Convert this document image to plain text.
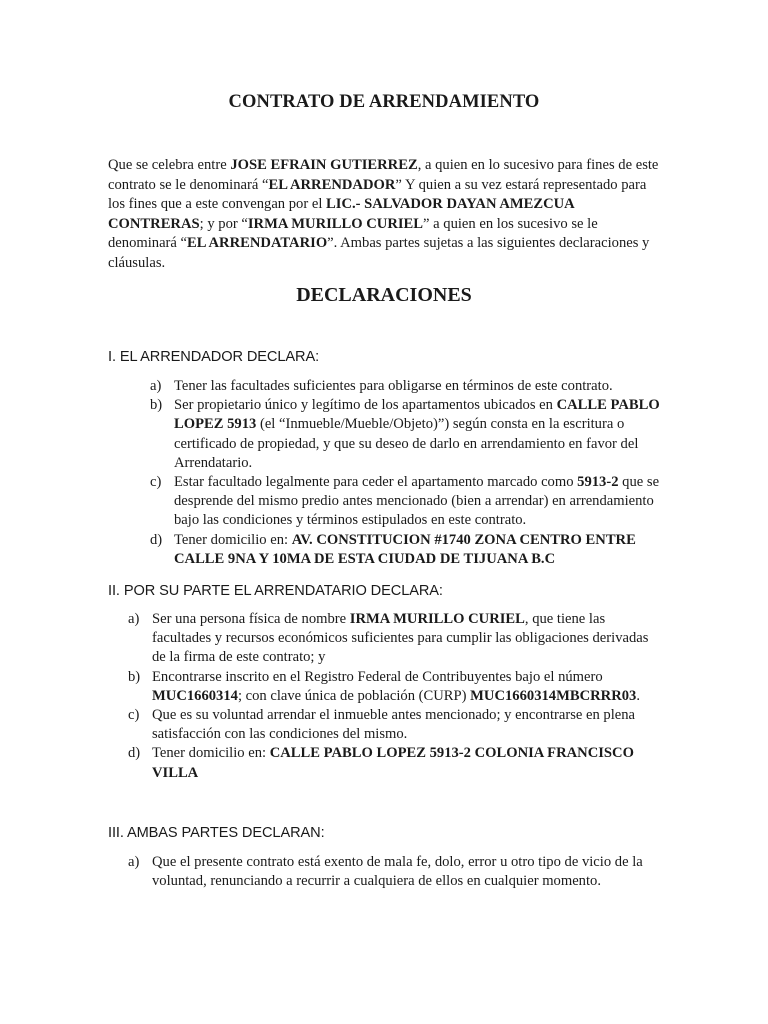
CONTRATO DE ARRENDAMIENTO
Que se celebra entre JOSE EFRAIN GUTIERREZ, a quien en lo sucesivo para fines de este contrato se le denominará “EL ARRENDADOR” Y quien a su vez estará representado para los fines que a este convengan por el LIC.- SALVADOR DAYAN AMEZCUA CONTRERAS; y por “IRMA MURILLO CURIEL” a quien en los sucesivo se le denominará “EL ARRENDATARIO”. Ambas partes sujetas a las siguientes declaraciones y cláusulas.
DECLARACIONES
I. EL ARRENDADOR DECLARA:
a) Tener las facultades suficientes para obligarse en términos de este contrato.
b) Ser propietario único y legítimo de los apartamentos ubicados en CALLE PABLO LOPEZ 5913 (el “Inmueble/Mueble/Objeto)”) según consta en la escritura o certificado de propiedad, y que su deseo de darlo en arrendamiento en favor del Arrendatario.
c) Estar facultado legalmente para ceder el apartamento marcado como 5913-2 que se desprende del mismo predio antes mencionado (bien a arrendar) en arrendamiento bajo las condiciones y términos estipulados en este contrato.
d) Tener domicilio en: AV. CONSTITUCION #1740 ZONA CENTRO ENTRE CALLE 9NA Y 10MA DE ESTA CIUDAD DE TIJUANA B.C
II. POR SU PARTE EL ARRENDATARIO DECLARA:
a) Ser una persona física de nombre IRMA MURILLO CURIEL, que tiene las facultades y recursos económicos suficientes para cumplir las obligaciones derivadas de la firma de este contrato; y
b) Encontrarse inscrito en el Registro Federal de Contribuyentes bajo el número MUC1660314; con clave única de población (CURP) MUC1660314MBCRRR03.
c) Que es su voluntad arrendar el inmueble antes mencionado; y encontrarse en plena satisfacción con las condiciones del mismo.
d) Tener domicilio en: CALLE PABLO LOPEZ 5913-2 COLONIA FRANCISCO VILLA
III. AMBAS PARTES DECLARAN:
a) Que el presente contrato está exento de mala fe, dolo, error u otro tipo de vicio de la voluntad, renunciando a recurrir a cualquiera de ellos en cualquier momento.
